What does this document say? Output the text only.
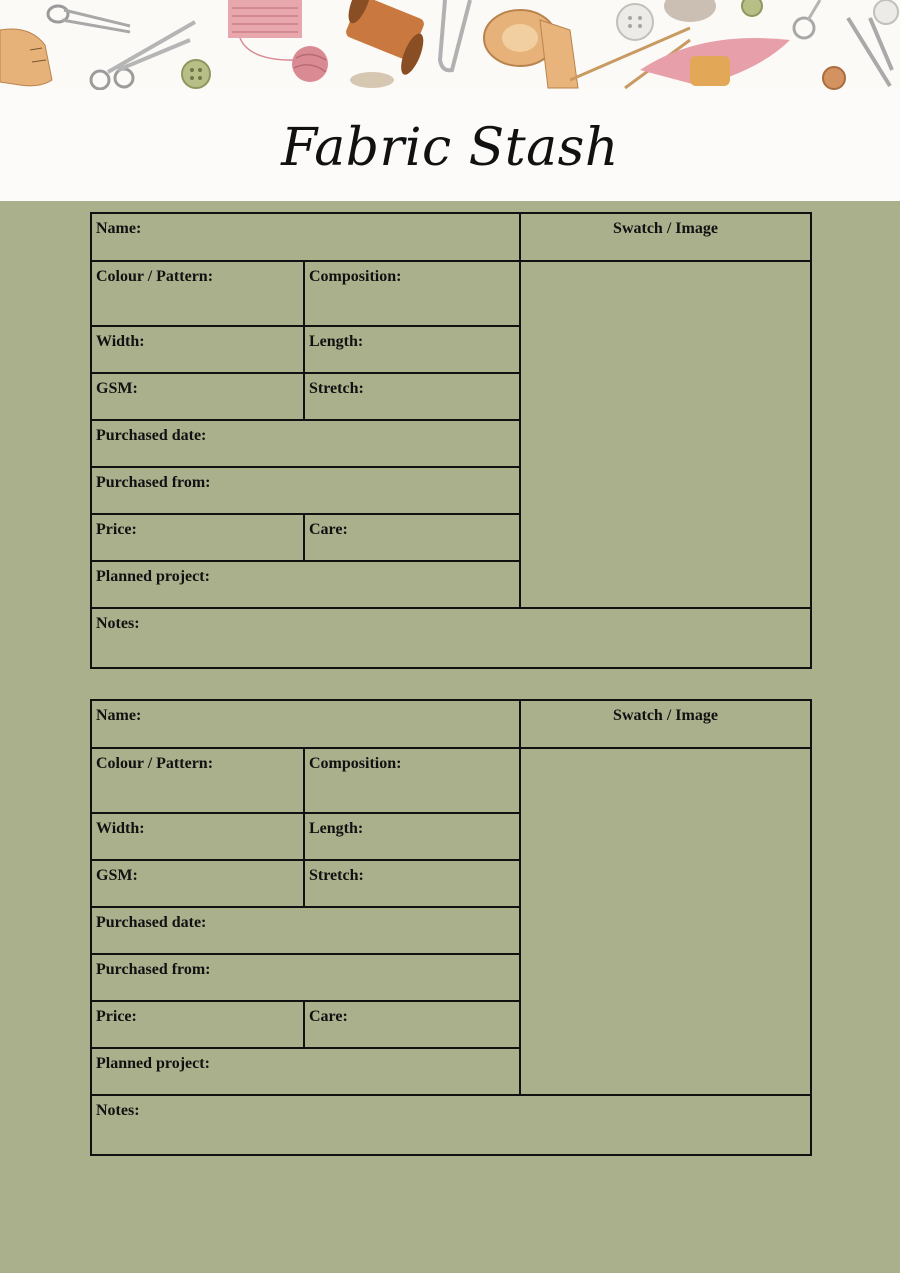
Fabric Stash
Name:		Swatch / Image

Colour / Pattern:	Composition:	

Width:	Length:	

GSM:	Stretch:	

Purchased date:		

Purchased from:		

Price:	Care:	

Planned project:		

Notes:		
Name:		Swatch / Image

Colour / Pattern:	Composition:	

Width:	Length:	

GSM:	Stretch:	

Purchased date:		

Purchased from:		

Price:	Care:	

Planned project:		

Notes:		
